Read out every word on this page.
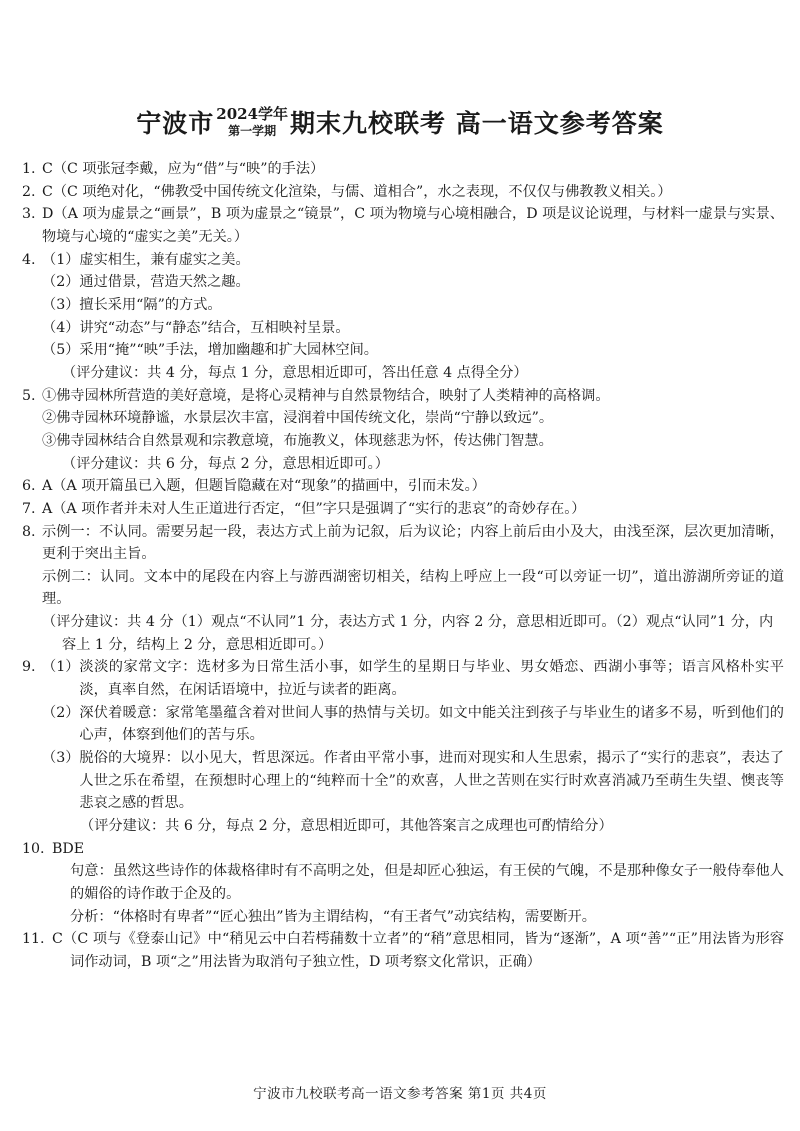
宁波市 2024学年
第一学期 期末九校联考 高一语文参考答案
1. C（C 项张冠李戴，应为“借”与“映”的手法）
2. C（C 项绝对化，“佛教受中国传统文化渲染，与儒、道相合”，水之表现，不仅仅与佛教教义相关。）
3. D（A 项为虚景之“画景”，B 项为虚景之“镜景”，C 项为物境与心境相融合，D 项是议论说理，与材料一虚景与实景、物境与心境的“虚实之美”无关。）
4. （1）虚实相生，兼有虚实之美。
（2）通过借景，营造天然之趣。
（3）擅长采用“隔”的方式。
（4）讲究“动态”与“静态”结合，互相映衬呈景。
（5）采用“掩”“映”手法，增加幽趣和扩大园林空间。
（评分建议：共 4 分，每点 1 分，意思相近即可，答出任意 4 点得全分）
5. ①佛寺园林所营造的美好意境，是将心灵精神与自然景物结合，映射了人类精神的高格调。
②佛寺园林环境静谧，水景层次丰富，浸润着中国传统文化，崇尚“宁静以致远”。
③佛寺园林结合自然景观和宗教意境，布施教义，体现慈悲为怀，传达佛门智慧。
（评分建议：共 6 分，每点 2 分，意思相近即可。）
6. A（A 项开篇虽已入题，但题旨隐藏在对“现象”的描画中，引而未发。）
7. A（A 项作者并未对人生正道进行否定，“但”字只是强调了“实行的悲哀”的奇妙存在。）
8. 示例一：不认同。需要另起一段，表达方式上前为记叙，后为议论；内容上前后由小及大，由浅至深，层次更加清晰，更利于突出主旨。
示例二：认同。文本中的尾段在内容上与游西湖密切相关，结构上呼应上一段“可以旁证一切”，道出游湖所旁证的道理。
（评分建议：共 4 分（1）观点“不认同”1 分，表达方式 1 分，内容 2 分，意思相近即可。（2）观点“认同”1 分，内容上 1 分，结构上 2 分，意思相近即可。）
9. （1） 淡淡的家常文字：选材多为日常生活小事，如学生的星期日与毕业、男女婚恋、西湖小事等；语言风格朴实平淡，真率自然，在闲话语境中，拉近与读者的距离。
（2） 深伏着暖意：家常笔墨蕴含着对世间人事的热情与关切。如文中能关注到孩子与毕业生的诸多不易，听到他们的心声，体察到他们的苦与乐。
（3） 脱俗的大境界：以小见大，哲思深远。作者由平常小事，进而对现实和人生思索，揭示了“实行的悲哀”，表达了人世之乐在希望，在预想时心理上的“纯粹而十全”的欢喜，人世之苦则在实行时欢喜消减乃至萌生失望、懊丧等悲哀之感的哲思。
（评分建议：共 6 分，每点 2 分，意思相近即可，其他答案言之成理也可酌情给分）
10. BDE
句意：虽然这些诗作的体裁格律时有不高明之处，但是却匠心独运，有王侯的气魄，不是那种像女子一般侍奉他人的媚俗的诗作敢于企及的。
分析：“体格时有卑者”“匠心独出”皆为主谓结构，“有王者气”动宾结构，需要断开。
11. C（C 项与《登泰山记》中“稍见云中白若樗蒱数十立者”的“稍”意思相同，皆为“逐渐”，A 项“善”“正”用法皆为形容词作动词，B 项“之”用法皆为取消句子独立性，D 项考察文化常识，正确）
宁波市九校联考高一语文参考答案 第1页 共4页
